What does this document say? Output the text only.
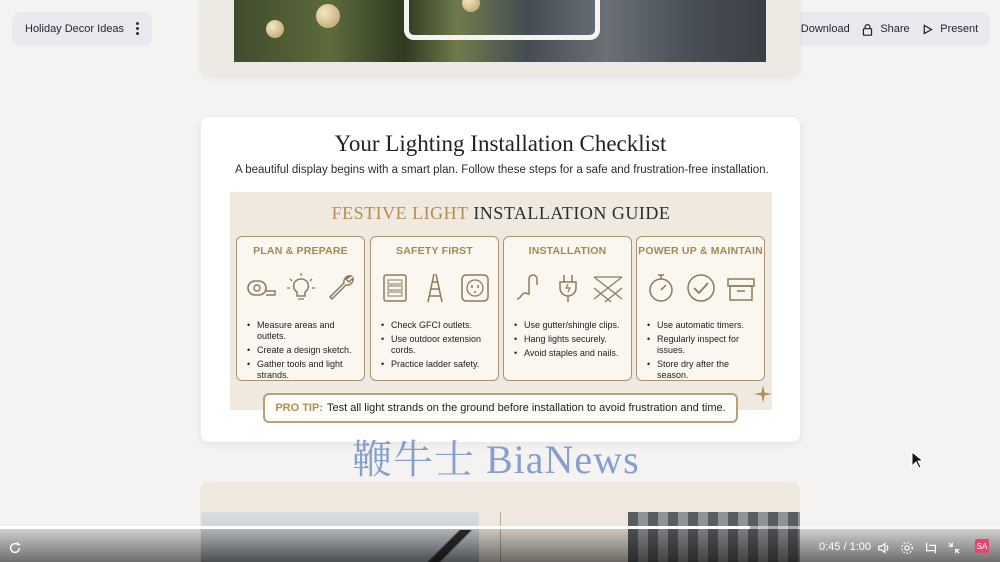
Holiday Decor Ideas	Download	Share	Present
Your Lighting Installation Checklist
A beautiful display begins with a smart plan. Follow these steps for a safe and frustration-free installation.
FESTIVE LIGHT INSTALLATION GUIDE
PLAN & PREPARE
• Measure areas and outlets.
• Create a design sketch.
• Gather tools and light strands.
SAFETY FIRST
• Check GFCI outlets.
• Use outdoor extension cords.
• Practice ladder safety.
INSTALLATION
• Use gutter/shingle clips.
• Hang lights securely.
• Avoid staples and nails.
POWER UP & MAINTAIN
• Use automatic timers.
• Regularly inspect for issues.
• Store dry after the season.
PRO TIP: Test all light strands on the ground before installation to avoid frustration and time.
鞭牛士 BiaNews
0:45 / 1:00	SA
